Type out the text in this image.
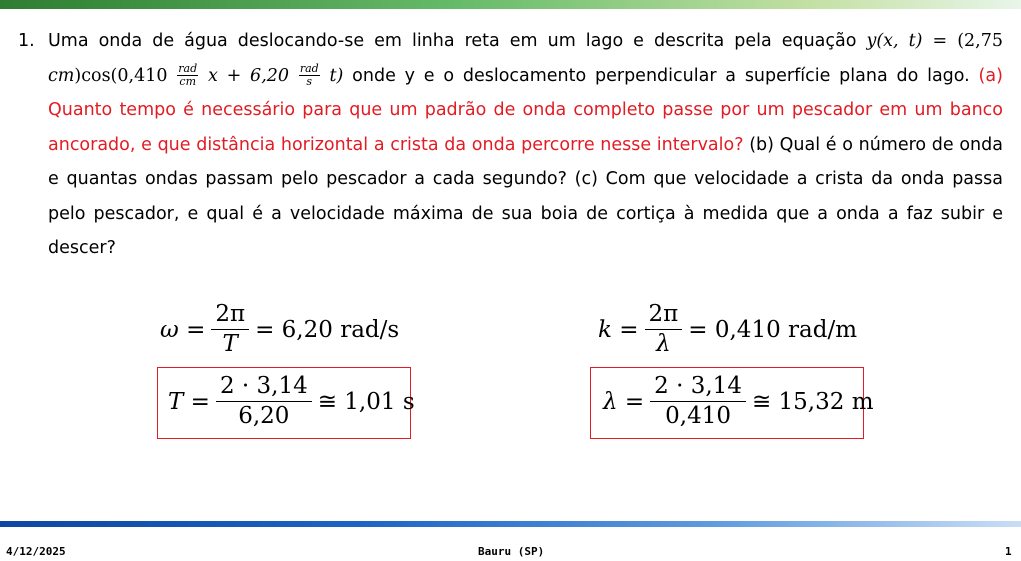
1. Uma onda de água deslocando-se em linha reta em um lago e descrita pela equação y(x, t) = (2,75 cm)cos(0,410 rad
cm x + 6,20 rad
s t) onde y e o deslocamento perpendicular a superfície plana do lago. (a) Quanto tempo é necessário para que um padrão de onda completo passe por um pescador em um banco ancorado, e que distância horizontal a crista da onda percorre nesse intervalo? (b) Qual é o número de onda e quantas ondas passam pelo pescador a cada segundo? (c) Com que velocidade a crista da onda passa pelo pescador, e qual é a velocidade máxima de sua boia de cortiça à medida que a onda a faz subir e descer?
$\omega = \frac{2\pi}{T} = 6,20$ rad/s
$T = \frac{2 \cdot 3,14}{6,20}$ ≅ 1,01 s
$k = \frac{2\pi}{\lambda} = 0,410$ rad/m
$\lambda = \frac{2 \cdot 3,14}{0,410}$ ≅ 15,32 m
4/12/2025	Bauru (SP)	1
